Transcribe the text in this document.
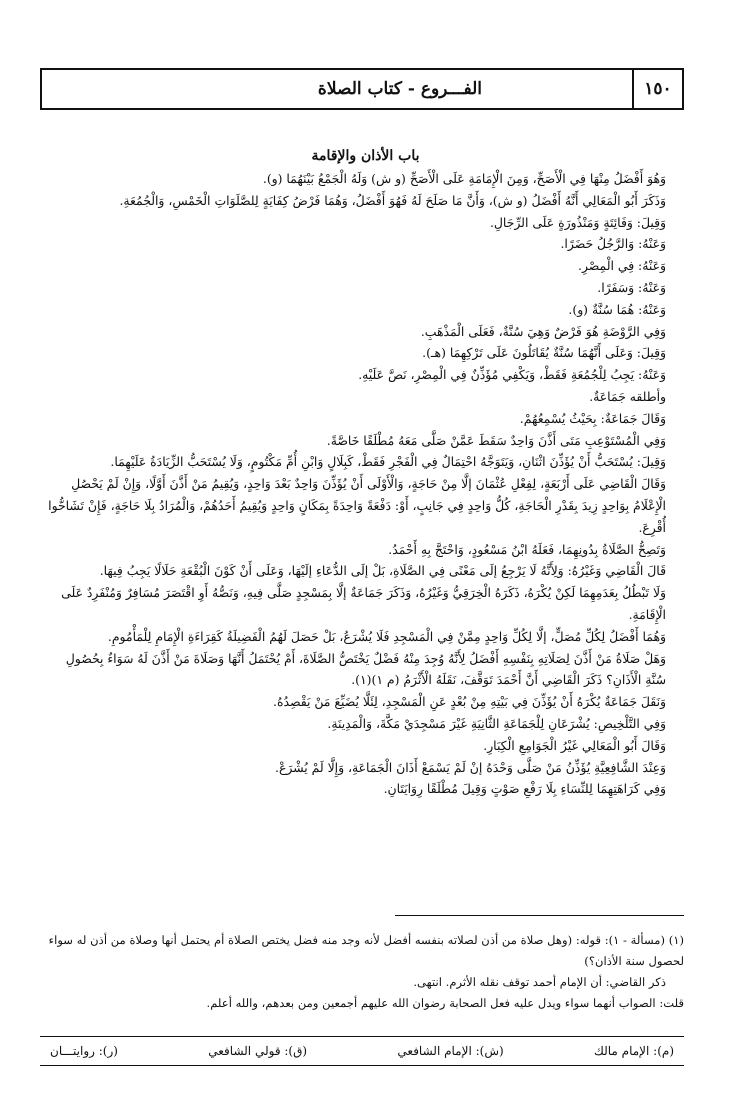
١٥٠
الفـــروع - كتاب الصلاة
باب الأذان والإقامة

وَهُوَ أَفْضَلُ مِنْهَا فِي الْأَصَحِّ، وَمِنَ الْإِمَامَةِ عَلَى الْأَصَحِّ (و ش) وَلَهُ الْجَمْعُ بَيْنَهُمَا (و).

وَذَكَرَ أَبُو الْمَعَالِي أَنَّهُ أَفْضَلُ (و ش)، وَأَنَّ مَا صَلَحَ لَهُ فَهُوَ أَفْضَلُ، وَهُمَا فَرْضُ كِفَايَةٍ لِلصَّلَوَاتِ الْخَمْسِ، وَالْجُمُعَةِ.

وَقِيلَ: وَفَائِتَةٍ وَمَنْذُورَةٍ عَلَى الرِّجَالِ.

وَعَنْهُ: وَالرَّجُلُ حَضَرًا.

وَعَنْهُ: فِي الْمِصْرِ.

وَعَنْهُ: وَسَفَرًا.

وَعَنْهُ: هُمَا سُنَّةٌ (و).

وَفِي الرَّوْضَةِ هُوَ فَرْضٌ وَهِيَ سُنَّةٌ، فَعَلَى الْمَذْهَبِ.

وَقِيلَ: وَعَلَى أَنَّهُمَا سُنَّةٌ يُقَاتَلُونَ عَلَى تَرْكِهِمَا (هـ).

وَعَنْهُ: يَجِبُ لِلْجُمُعَةِ فَقَطْ، وَيَكْفِي مُؤَذِّنٌ فِي الْمِصْرِ، نَصَّ عَلَيْهِ.

وأطلقه جَمَاعَةٌ.

وَقَالَ جَمَاعَةٌ: بِحَيْثُ يُسْمِعُهُمْ.

وَفِي الْمُسْتَوْعِبِ مَتَى أَذَّنَ وَاحِدٌ سَقَطَ عَمَّنْ صَلَّى مَعَهُ مُطْلَقًا خَاصَّةً.

وَقِيلَ: يُسْتَحَبُّ أَنْ يُؤَذِّنَ اثْنَانِ، وَيَتَوَجَّهُ احْتِمَالٌ فِي الْفَجْرِ فَقَطْ، كَبِلَالٍ وَابْنِ أُمِّ مَكْتُومٍ، وَلَا يُسْتَحَبُّ الزِّيَادَةُ عَلَيْهِمَا.

وَقَالَ الْقَاضِي عَلَى أَرْبَعَةٍ، لِفِعْلِ عُثْمَانَ إلَّا مِنْ حَاجَةٍ، وَالْأَوْلَى أَنْ يُؤَذِّنَ وَاحِدٌ بَعْدَ وَاحِدٍ، وَيُقِيمُ مَنْ أَذَّنَ أَوَّلًا، وَإِنْ لَمْ يَحْصُلِ الْإِعْلَامُ بِوَاحِدٍ زِيدَ بِقَدْرِ الْحَاجَةِ، كُلُّ وَاحِدٍ فِي جَانِبٍ، أَوْ: دَفْعَةً وَاحِدَةً بِمَكَانٍ وَاحِدٍ وَيُقِيمُ أَحَدُهُمْ، وَالْمُرَادُ بِلَا حَاجَةٍ، فَإِنْ تَشَاحُّوا أُقْرِعَ.

وَتَصِحُّ الصَّلَاةُ بِدُونِهِمَا، فَعَلَهُ ابْنُ مَسْعُودٍ، وَاحْتَجَّ بِهِ أَحْمَدُ.

قَالَ الْقَاضِي وَغَيْرُهُ: وَلِأَنَّهُ لَا يَرْجِعُ إلَى مَعْنًى فِي الصَّلَاةِ، بَلْ إلَى الدُّعَاءِ إلَيْهَا، وَعَلَى أَنْ كَوْنَ الْبُقْعَةِ حَلَالًا يَجِبُ فِيهَا.

وَلَا تَبْطُلُ بِعَدَمِهِمَا لَكِنْ يُكْرَهُ، ذَكَرَهُ الْخِرَقِيُّ وَغَيْرُهُ، وَذَكَرَ جَمَاعَةٌ إلَّا بِمَسْجِدٍ صَلَّى فِيهِ، وَنَصُّهُ أَوِ اقْتَصَرَ مُسَافِرٌ وَمُنْفَرِدٌ عَلَى الْإِقَامَةِ.

وَهُمَا أَفْضَلُ لِكُلِّ مُصَلٍّ، إلَّا لِكُلِّ وَاحِدٍ مِمَّنْ فِي الْمَسْجِدِ فَلَا يُشْرَعُ، بَلْ حَصَلَ لَهُمُ الْفَضِيلَةُ كَقِرَاءَةِ الْإِمَامِ لِلْمَأْمُومِ.

وَهَلْ صَلَاةُ مَنْ أَذَّنَ لِصَلَاتِهِ بِنَفْسِهِ أَفْضَلُ لِأَنَّهُ وُجِدَ مِنْهُ فَضْلٌ يَخْتَصُّ الصَّلَاةَ، أَمْ يُحْتَمَلُ أَنَّهَا وَصَلَاةَ مَنْ أَذَّنَ لَهُ سَوَاءٌ بِحُصُولِ سُنَّةِ الْأَذَانِ؟ ذَكَرَ الْقَاضِي أَنَّ أَحْمَدَ تَوَقَّفَ، نَقَلَهُ الْأَثْرَمُ (م ١)(١).

وَنَقَلَ جَمَاعَةٌ يُكْرَهُ أَنْ يُؤَذِّنَ فِي بَيْتِهِ مِنْ بُعْدٍ عَنِ الْمَسْجِدِ، لِئَلَّا يُضَيِّعَ مَنْ يَقْصِدُهُ.

وَفِي التَّلْخِيصِ: يُشْرَعَانِ لِلْجَمَاعَةِ الثَّانِيَةِ غَيْرَ مَسْجِدَيْ مَكَّةَ، وَالْمَدِينَةِ.

وَقَالَ أَبُو الْمَعَالِي غَيْرُ الْجَوَامِعِ الْكِبَارِ.

وَعِنْدَ الشَّافِعِيَّةِ يُؤَذِّنُ مَنْ صَلَّى وَحْدَهُ إنْ لَمْ يَسْمَعْ أَذَانَ الْجَمَاعَةِ، وَإِلَّا لَمْ يُشْرَعْ.

وَفِي كَرَاهَتِهِمَا لِلنِّسَاءِ بِلَا رَفْعِ صَوْتٍ وَقِيلَ مُطْلَقًا رِوَايَتَانِ.

(١) (مسألة - ١): قوله: (وهل صلاة من أذن لصلاته بنفسه أفضل لأنه وجد منه فضل يختص الصلاة أم يحتمل أنها وصلاة من أذن له سواء لحصول سنة الأذان؟)

ذكر القاضي: أن الإمام أحمد توقف نقله الأثرم. انتهى.

قلت: الصواب أنهما سواء ويدل عليه فعل الصحابة رضوان الله عليهم أجمعين ومن بعدهم، والله أعلم.

(م): الإمام مالك
(ش): الإمام الشافعي
(ق): قولي الشافعي
(ر): روايتـــان
